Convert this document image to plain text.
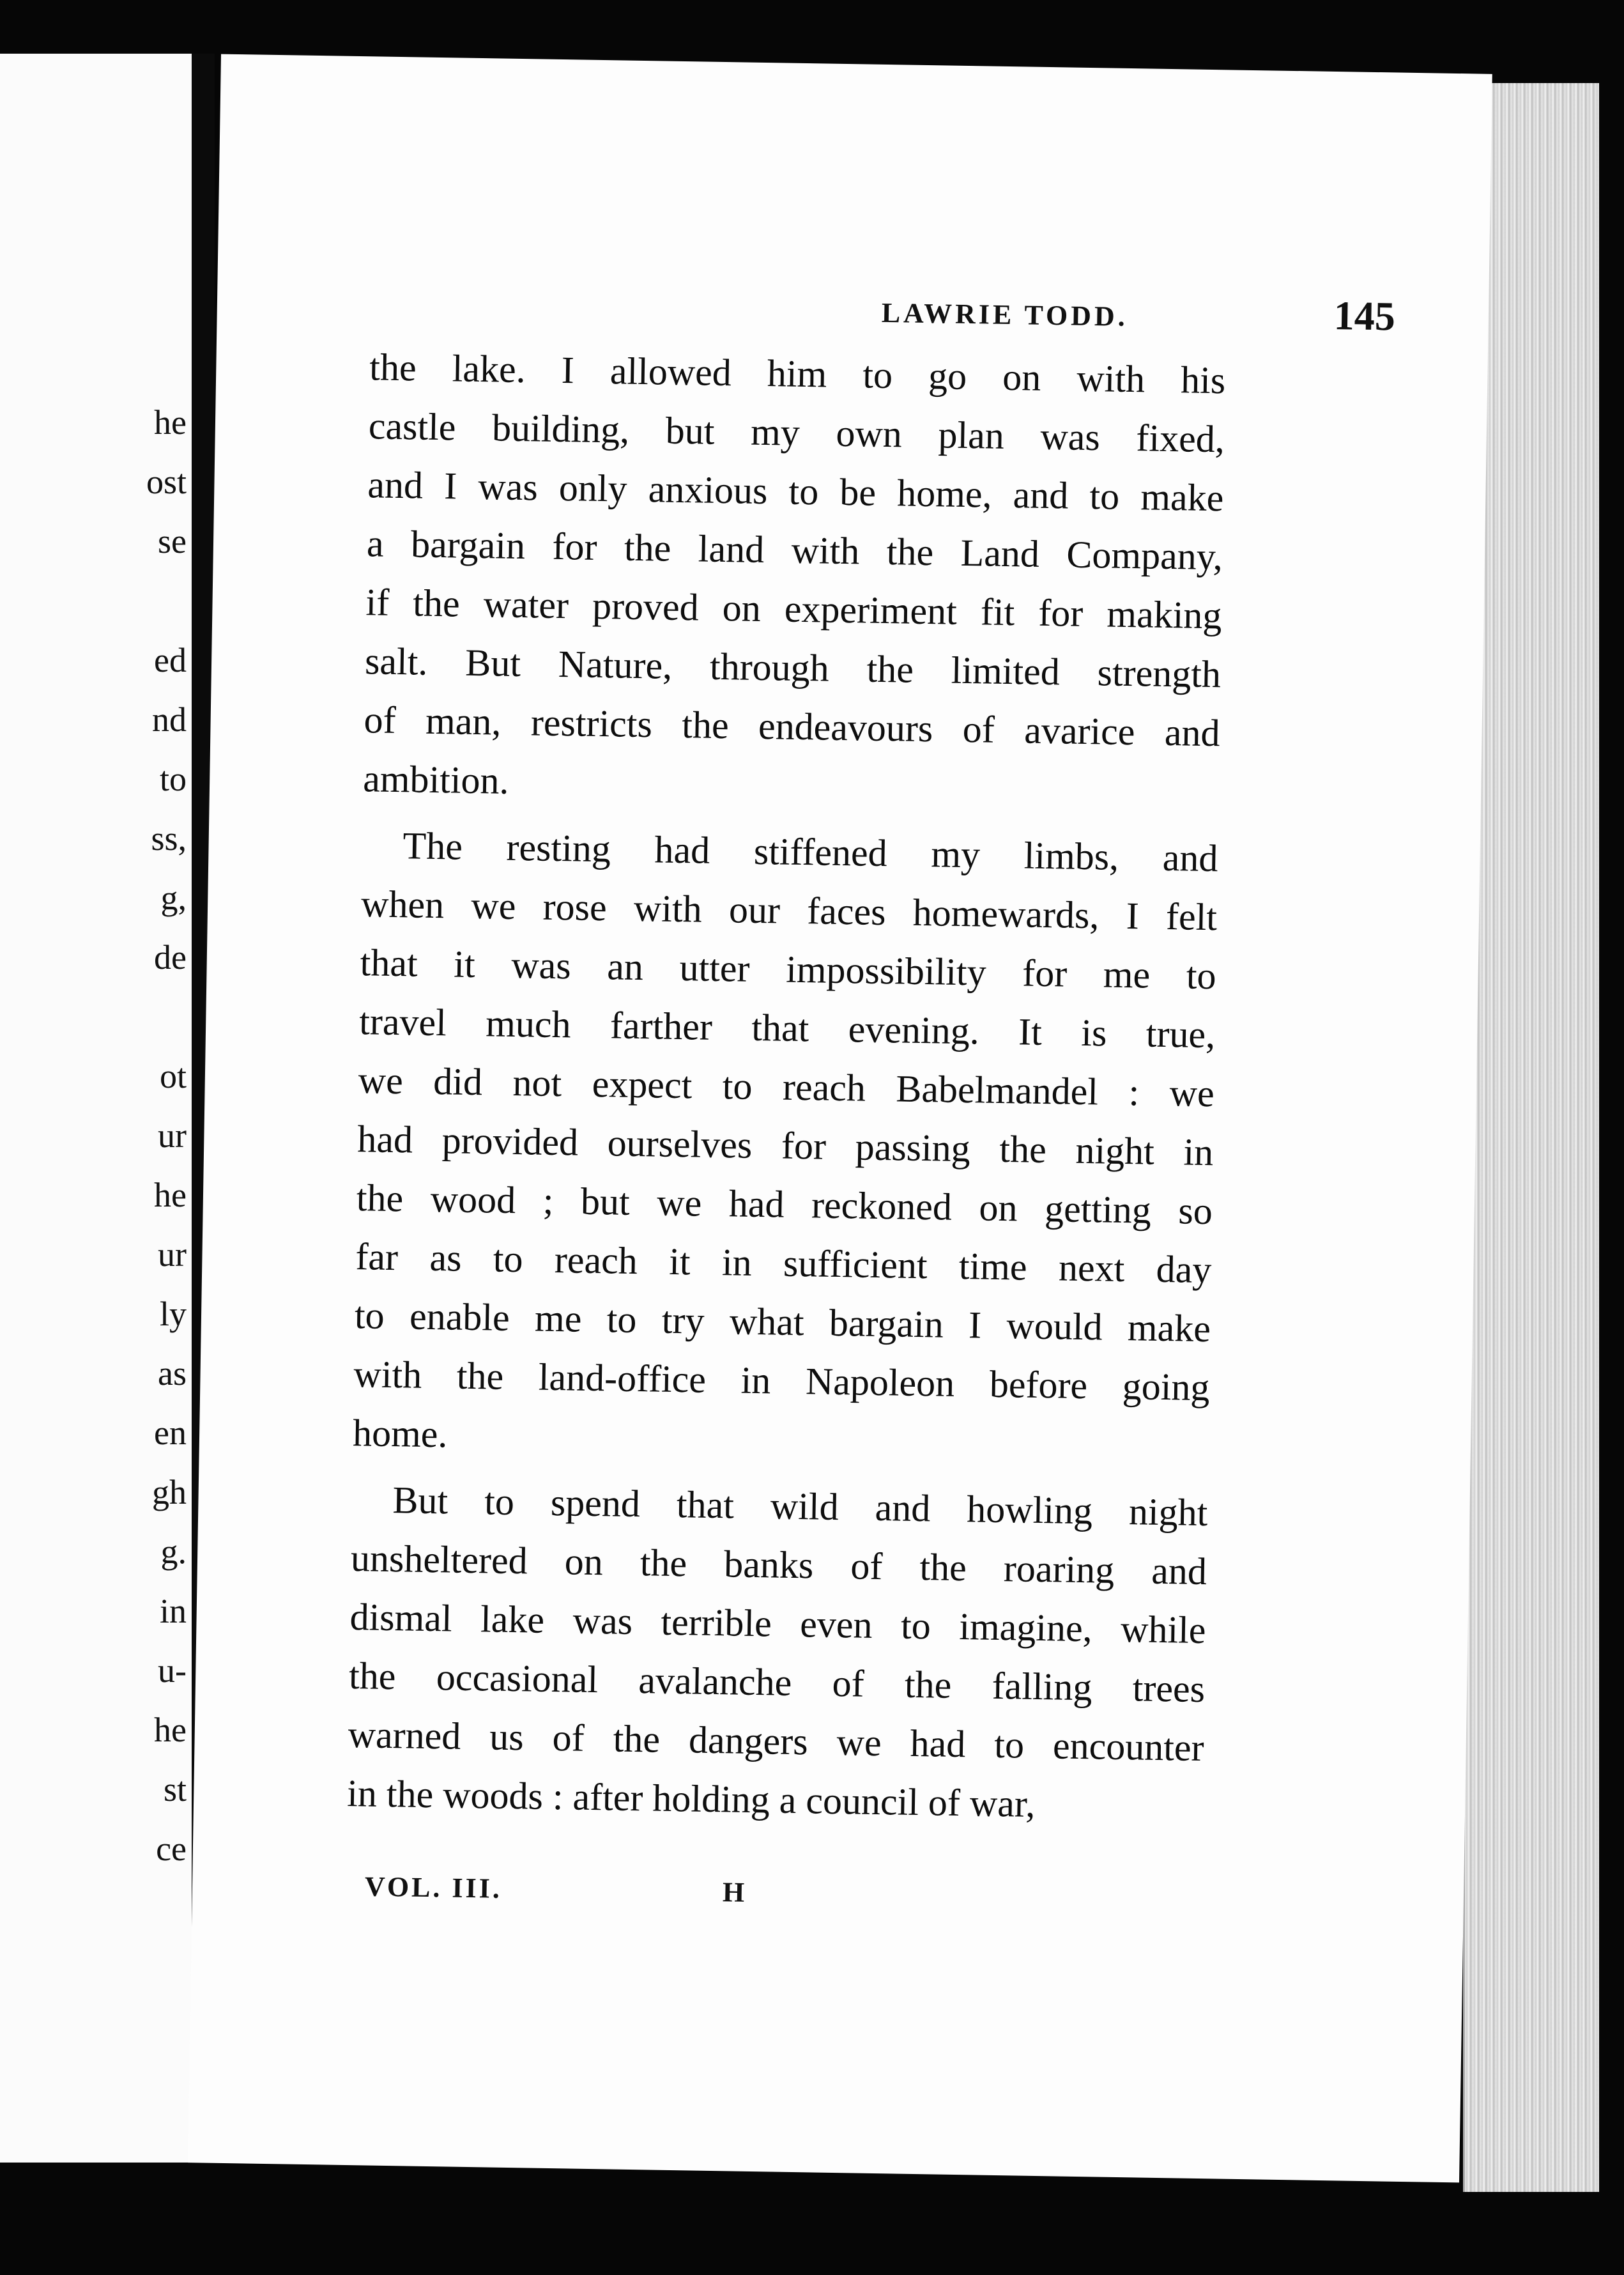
he
ost
se
ed
nd
to
ss,
g,
de
ot
ur
he
ur
ly
as
en
gh
g.
in
u-
he
st
ce
LAWRIE TODD.	145

the lake. I allowed him to go on with his
castle building, but my own plan was fixed,
and I was only anxious to be home, and to make
a bargain for the land with the Land Company,
if the water proved on experiment fit for making
salt. But Nature, through the limited strength
of man, restricts the endeavours of avarice and
ambition.

The resting had stiffened my limbs, and
when we rose with our faces homewards, I felt
that it was an utter impossibility for me to
travel much farther that evening. It is true,
we did not expect to reach Babelmandel : we
had provided ourselves for passing the night in
the wood ; but we had reckoned on getting so
far as to reach it in sufficient time next day
to enable me to try what bargain I would make
with the land-office in Napoleon before going
home.

But to spend that wild and howling night
unsheltered on the banks of the roaring and
dismal lake was terrible even to imagine, while
the occasional avalanche of the falling trees
warned us of the dangers we had to encounter
in the woods : after holding a council of war,

VOL. III.	H
